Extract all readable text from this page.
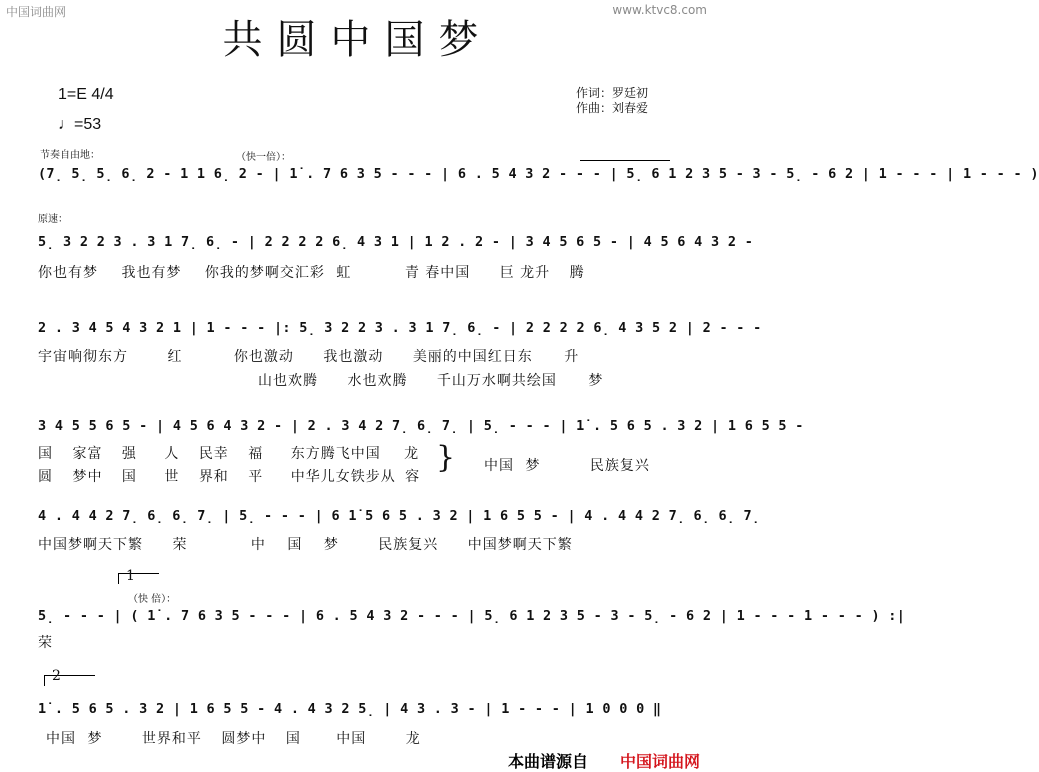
中国词曲网	www.ktvc8.com
共圆中国梦
1=E 4/4
♩=53
作词：罗廷初
作曲：刘春爱
节奏自由地：	（快一倍）：
(7̣ 5̣ 5̣ 6̣ 2 - 1 1 6̣ 2 - | 1̇ . 7 6 3 5 - - - | 6 . 5 4 3 2 - - - | 5̣ 6 1 2 3 5 - 3 - 5̣ - 6 2 | 1 - - - | 1 - - - )
原速：
5̣ 3 2 2 3 . 3 1 7̣ 6̣ - | 2 2 2 2 6̣ 4 3 1 | 1 2 . 2 - | 3 4 5 6 5 - | 4 5 6 4 3 2 -
你也有梦 我也有梦 你我的梦啊交汇彩 虹	青 春中国 巨 龙升 腾
2 . 3 4 5 4 3 2 1 | 1 - - - |: 5̣ 3 2 2 3 . 3 1 7̣ 6̣ - | 2 2 2 2 6̣ 4 3 5 2 | 2 - - -
宇宙响彻东方	红	你也激动 我也激动 美丽的中国红日东 升
山也欢腾 水也欢腾 千山万水啊共绘国 梦
3 4 5 5 6 5 - | 4 5 6 4 3 2 - | 2 . 3 4 2 7̣ 6̣ 7̣ | 5̣ - - - | 1̇ . 5 6 5 . 3 2 | 1 6 5 5 -
国 家富 强 人 民幸 福 东方腾飞中国 龙
圆 梦中 国 世 界和 平 中华儿女铁步从 容
} 中国 梦	民族复兴
4 . 4 4 2 7̣ 6̣ 6̣ 7̣ | 5̣ - - - | 6 1̇ 5 6 5 . 3 2 | 1 6 5 5 - | 4 . 4 4 2 7̣ 6̣ 6̣ 7̣
中国梦啊天下繁 荣	中 国 梦	民族复兴 中国梦啊天下繁
1
（快 倍）：
5̣ - - - | ( 1̇ . 7 6 3 5 - - - | 6 . 5 4 3 2 - - - | 5̣ 6 1 2 3 5 - 3 - 5̣ - 6 2 | 1 - - - 1 - - - ) :|
荣
2
1̇ . 5 6 5 . 3 2 | 1 6 5 5 - 4 . 4 3 2 5̣ | 4 3 . 3 - | 1 - - - | 1 0 0 0 ‖
中国 梦	世界和平 圆梦中 国	中国	龙
本曲谱源自 中国词曲网
